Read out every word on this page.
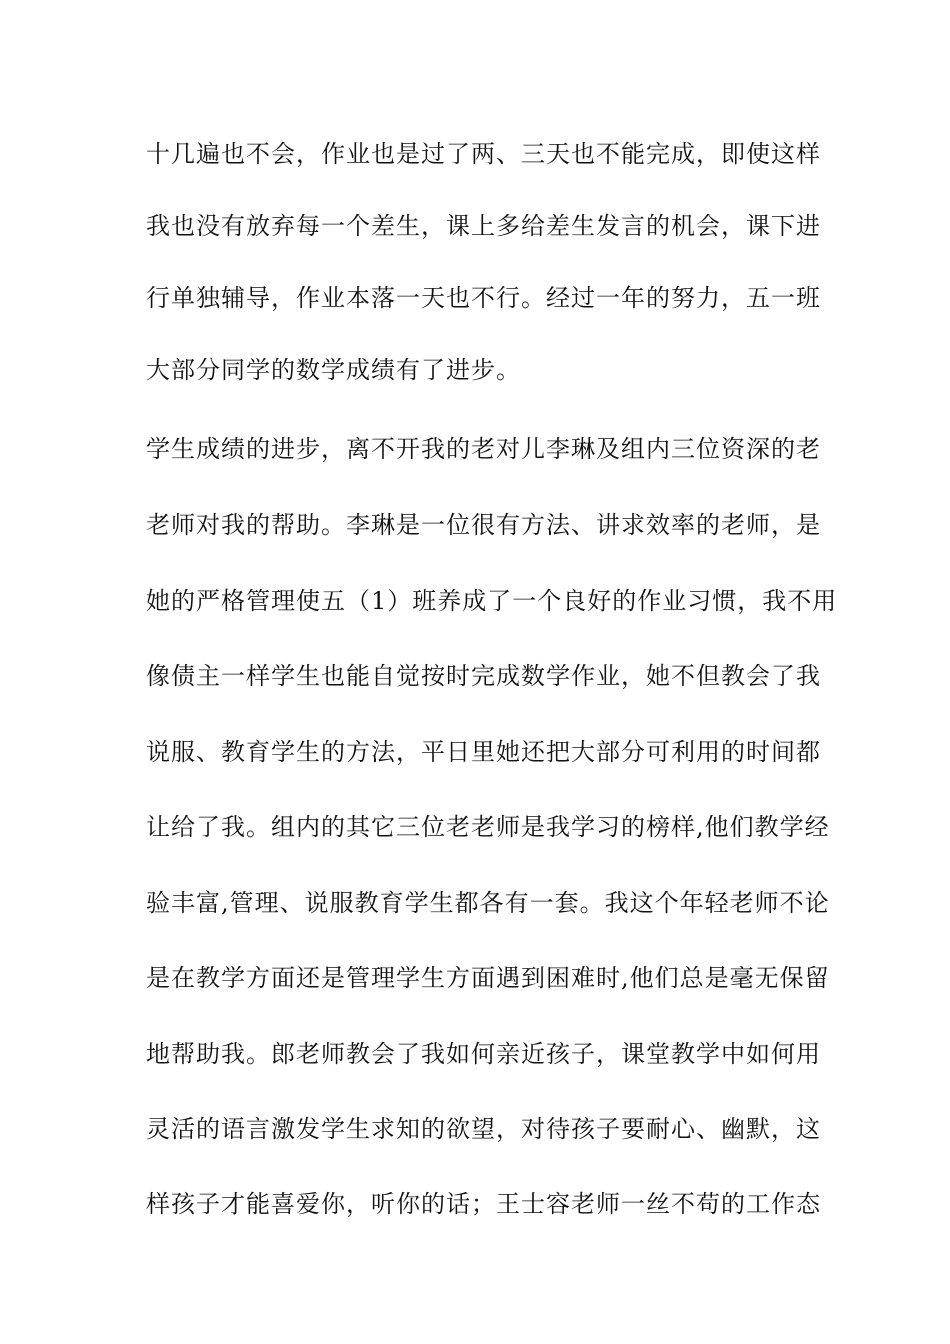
十几遍也不会，作业也是过了两、三天也不能完成，即使这样
我也没有放弃每一个差生，课上多给差生发言的机会，课下进
行单独辅导，作业本落一天也不行。经过一年的努力，五一班
大部分同学的数学成绩有了进步。
学生成绩的进步，离不开我的老对儿李琳及组内三位资深的老
老师对我的帮助。李琳是一位很有方法、讲求效率的老师，是
她的严格管理使五（1）班养成了一个良好的作业习惯，我不用
像债主一样学生也能自觉按时完成数学作业，她不但教会了我
说服、教育学生的方法，平日里她还把大部分可利用的时间都
让给了我。组内的其它三位老老师是我学习的榜样,他们教学经
验丰富,管理、说服教育学生都各有一套。我这个年轻老师不论
是在教学方面还是管理学生方面遇到困难时,他们总是毫无保留
地帮助我。郎老师教会了我如何亲近孩子，课堂教学中如何用
灵活的语言激发学生求知的欲望，对待孩子要耐心、幽默，这
样孩子才能喜爱你，听你的话；王士容老师一丝不苟的工作态
